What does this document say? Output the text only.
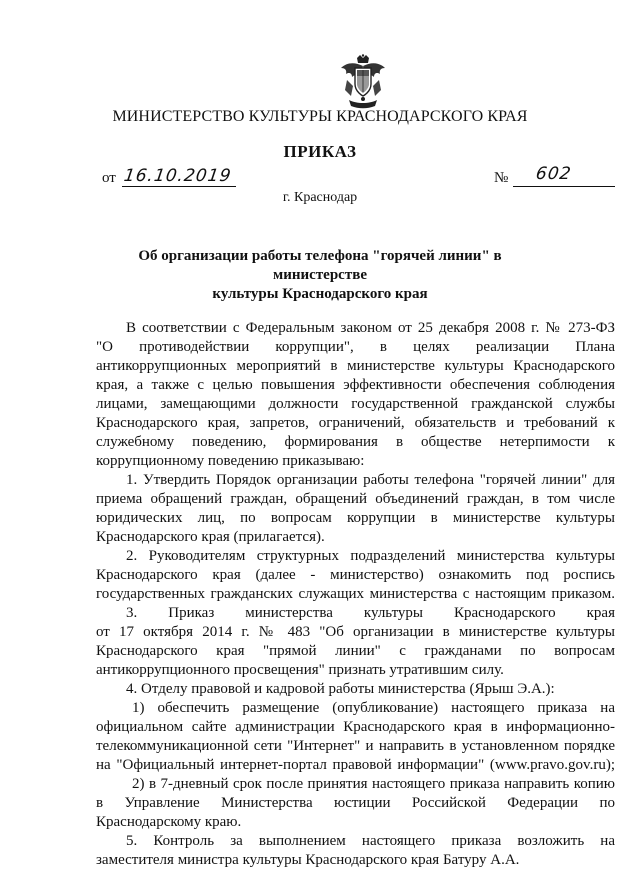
МИНИСТЕРСТВО КУЛЬТУРЫ КРАСНОДАРСКОГО КРАЯ
ПРИКАЗ
от 16.10.2019	№ 602
г. Краснодар
Об организации работы телефона "горячей линии" в министерстве
культуры Краснодарского края
В соответствии с Федеральным законом от 25 декабря 2008 г. № 273-ФЗ
"О противодействии коррупции", в целях реализации Плана
антикоррупционных мероприятий в министерстве культуры Краснодарского
края, а также с целью повышения эффективности обеспечения соблюдения
лицами, замещающими должности государственной гражданской службы
Краснодарского края, запретов, ограничений, обязательств и требований к
служебному поведению, формирования в обществе нетерпимости к
коррупционному поведению приказываю:
1. Утвердить Порядок организации работы телефона "горячей линии" для
приема обращений граждан, обращений объединений граждан, в том числе
юридических лиц, по вопросам коррупции в министерстве культуры
Краснодарского края (прилагается).
2. Руководителям структурных подразделений министерства культуры
Краснодарского края (далее - министерство) ознакомить под роспись
государственных гражданских служащих министерства с настоящим приказом.
3. Приказ министерства культуры Краснодарского края
от 17 октября 2014 г. № 483 "Об организации в министерстве культуры
Краснодарского края "прямой линии" с гражданами по вопросам
антикоррупционного просвещения" признать утратившим силу.
4. Отделу правовой и кадровой работы министерства (Ярыш Э.А.):
1) обеспечить размещение (опубликование) настоящего приказа на
официальном сайте администрации Краснодарского края в информационно-
телекоммуникационной сети "Интернет" и направить в установленном порядке
на "Официальный интернет-портал правовой информации" (www.pravo.gov.ru);
2) в 7-дневный срок после принятия настоящего приказа направить копию
в Управление Министерства юстиции Российской Федерации по
Краснодарскому краю.
5. Контроль за выполнением настоящего приказа возложить на
заместителя министра культуры Краснодарского края Батуру А.А.
